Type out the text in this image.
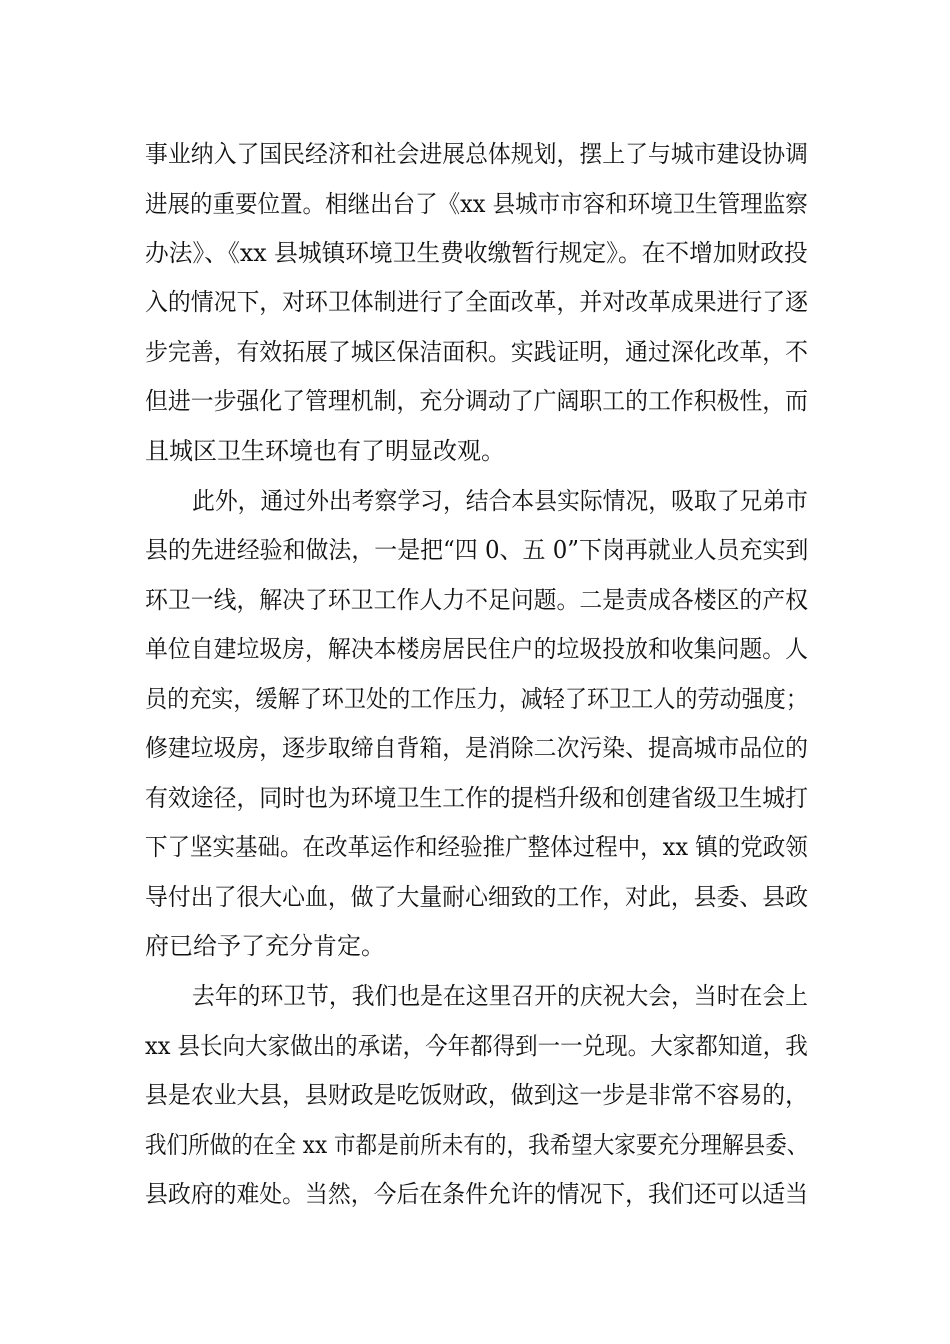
事业纳入了国民经济和社会进展总体规划，摆上了与城市建设协调
进展的重要位置。相继出台了《xx 县城市市容和环境卫生管理监察
办法》、《xx 县城镇环境卫生费收缴暂行规定》。在不增加财政投
入的情况下，对环卫体制进行了全面改革，并对改革成果进行了逐
步完善，有效拓展了城区保洁面积。实践证明，通过深化改革，不
但进一步强化了管理机制，充分调动了广阔职工的工作积极性，而
且城区卫生环境也有了明显改观。
此外，通过外出考察学习，结合本县实际情况，吸取了兄弟市
县的先进经验和做法，一是把“四 0、五 0”下岗再就业人员充实到
环卫一线，解决了环卫工作人力不足问题。二是责成各楼区的产权
单位自建垃圾房，解决本楼房居民住户的垃圾投放和收集问题。人
员的充实，缓解了环卫处的工作压力，减轻了环卫工人的劳动强度；
修建垃圾房，逐步取缔自背箱，是消除二次污染、提高城市品位的
有效途径，同时也为环境卫生工作的提档升级和创建省级卫生城打
下了坚实基础。在改革运作和经验推广整体过程中，xx 镇的党政领
导付出了很大心血，做了大量耐心细致的工作，对此，县委、县政
府已给予了充分肯定。
去年的环卫节，我们也是在这里召开的庆祝大会，当时在会上
xx 县长向大家做出的承诺，今年都得到一一兑现。大家都知道，我
县是农业大县，县财政是吃饭财政，做到这一步是非常不容易的，
我们所做的在全 xx 市都是前所未有的，我希望大家要充分理解县委、
县政府的难处。当然，今后在条件允许的情况下，我们还可以适当
